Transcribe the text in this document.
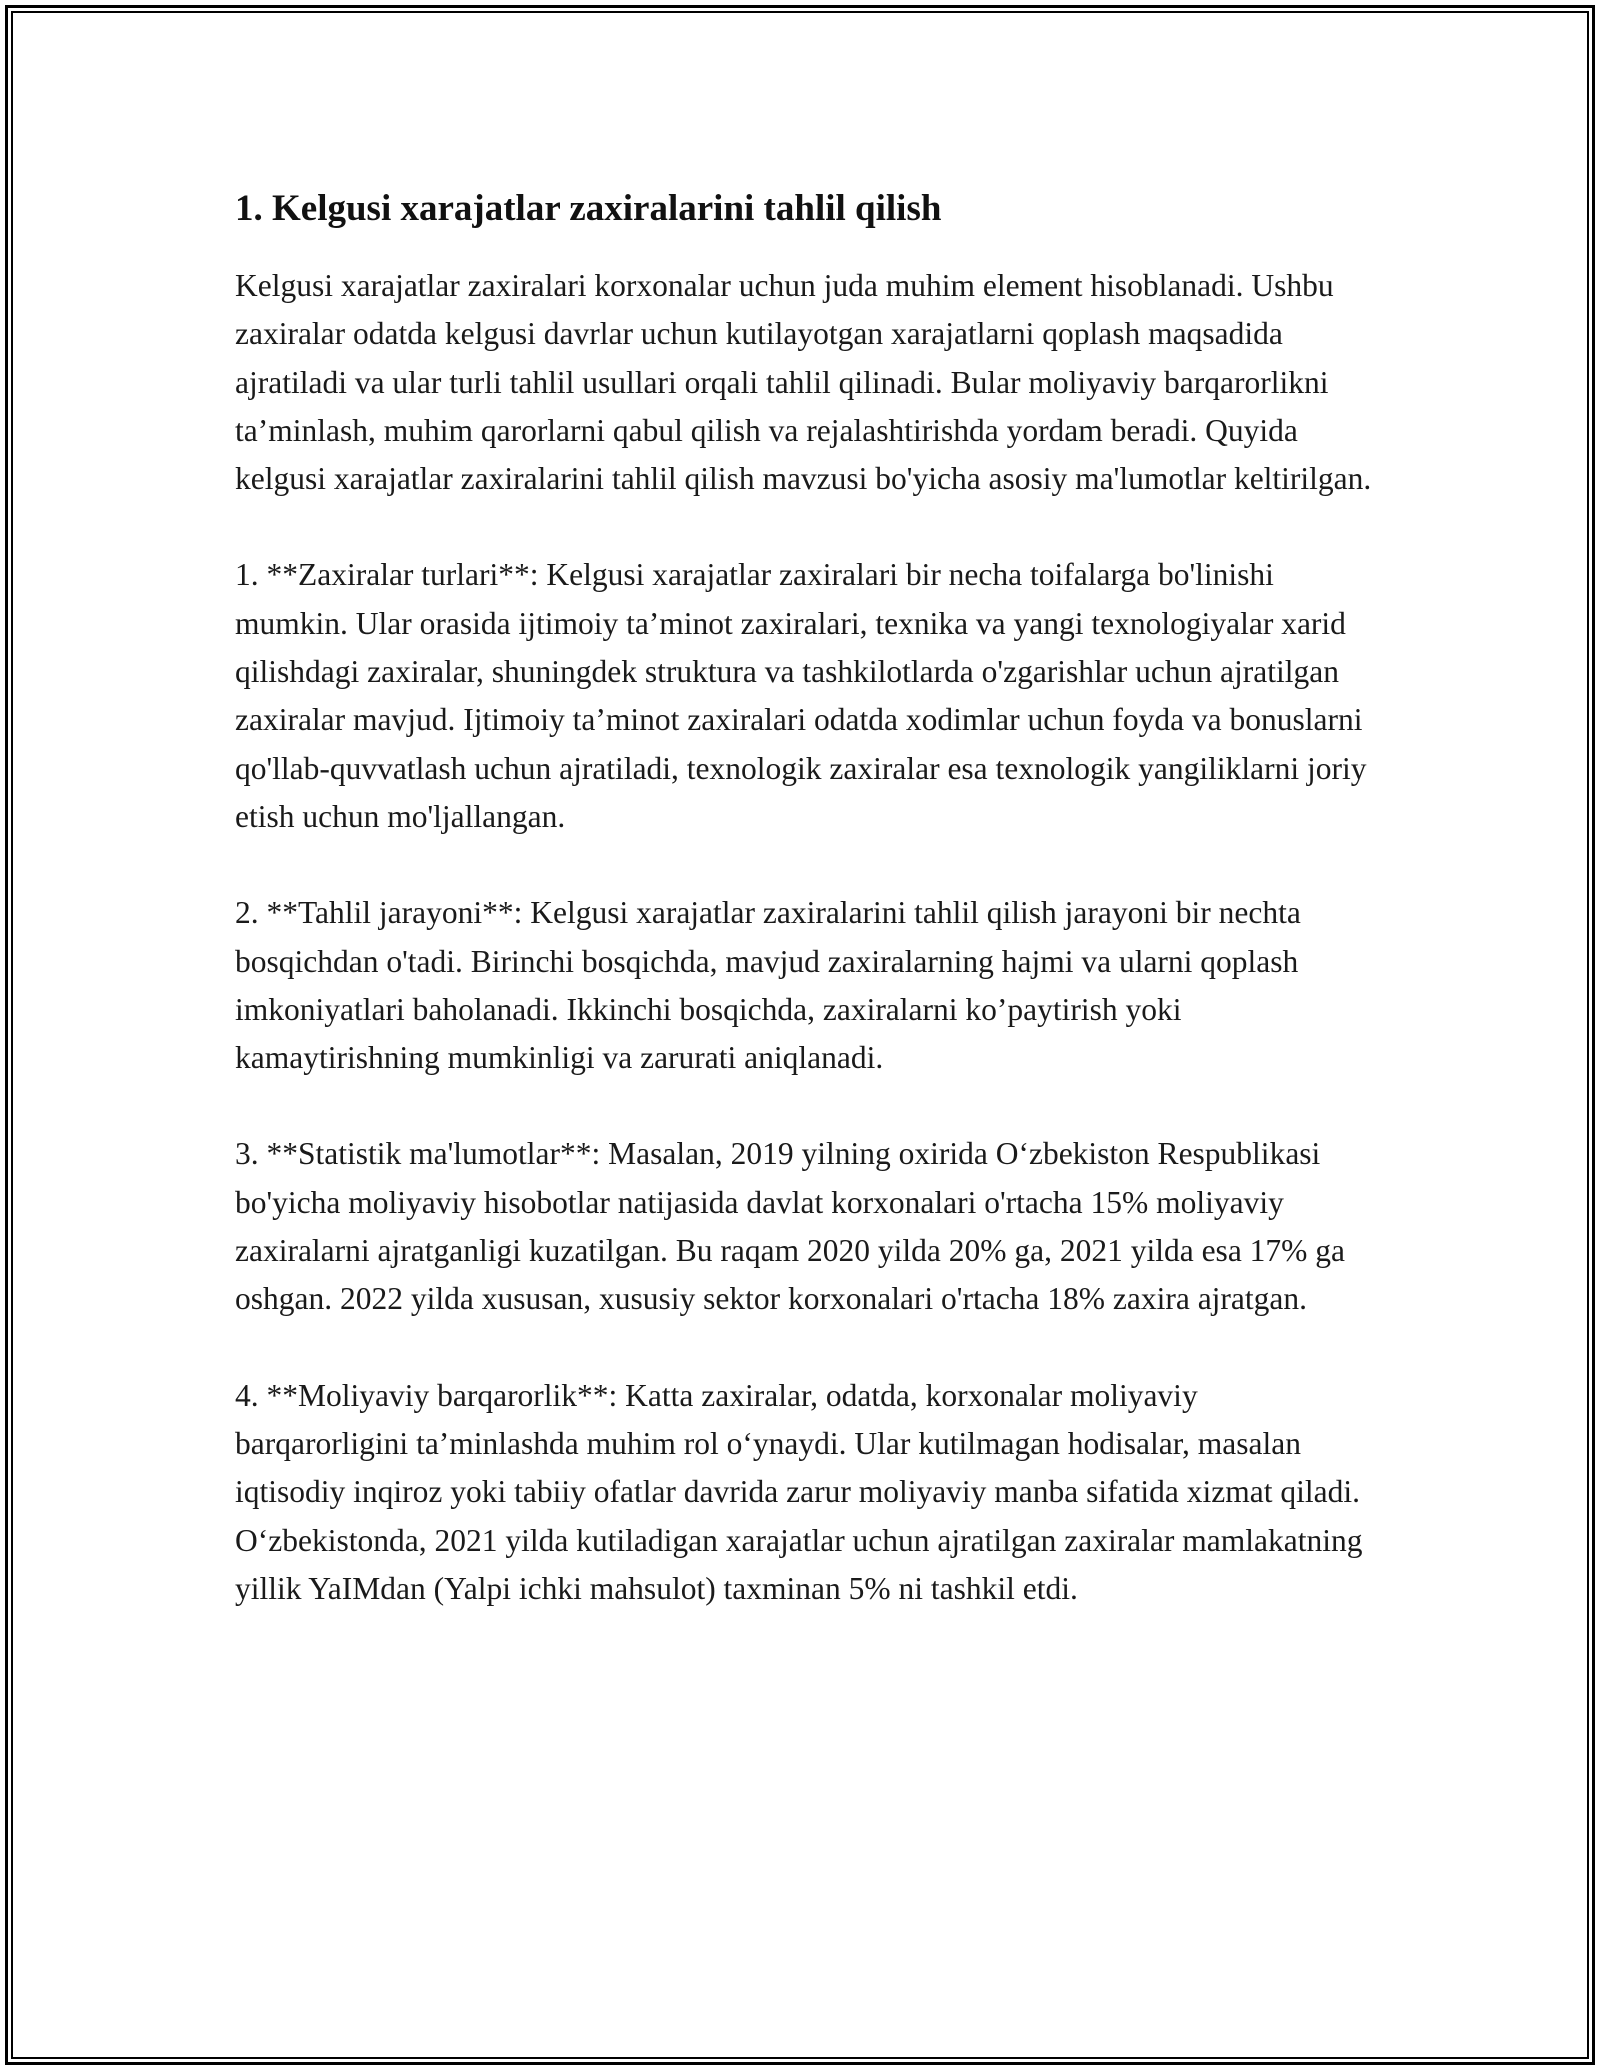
1. Kelgusi xarajatlar zaxiralarini tahlil qilish

Kelgusi xarajatlar zaxiralari korxonalar uchun juda muhim element hisoblanadi. Ushbu zaxiralar odatda kelgusi davrlar uchun kutilayotgan xarajatlarni qoplash maqsadida ajratiladi va ular turli tahlil usullari orqali tahlil qilinadi. Bular moliyaviy barqarorlikni ta’minlash, muhim qarorlarni qabul qilish va rejalashtirishda yordam beradi. Quyida kelgusi xarajatlar zaxiralarini tahlil qilish mavzusi bo'yicha asosiy ma'lumotlar keltirilgan.

1. **Zaxiralar turlari**: Kelgusi xarajatlar zaxiralari bir necha toifalarga bo'linishi mumkin. Ular orasida ijtimoiy ta’minot zaxiralari, texnika va yangi texnologiyalar xarid qilishdagi zaxiralar, shuningdek struktura va tashkilotlarda o'zgarishlar uchun ajratilgan zaxiralar mavjud. Ijtimoiy ta’minot zaxiralari odatda xodimlar uchun foyda va bonuslarni qo'llab-quvvatlash uchun ajratiladi, texnologik zaxiralar esa texnologik yangiliklarni joriy etish uchun mo'ljallangan.

2. **Tahlil jarayoni**: Kelgusi xarajatlar zaxiralarini tahlil qilish jarayoni bir nechta bosqichdan o'tadi. Birinchi bosqichda, mavjud zaxiralarning hajmi va ularni qoplash imkoniyatlari baholanadi. Ikkinchi bosqichda, zaxiralarni ko’paytirish yoki kamaytirishning mumkinligi va zarurati aniqlanadi.

3. **Statistik ma'lumotlar**: Masalan, 2019 yilning oxirida O‘zbekiston Respublikasi bo'yicha moliyaviy hisobotlar natijasida davlat korxonalari o'rtacha 15% moliyaviy zaxiralarni ajratganligi kuzatilgan. Bu raqam 2020 yilda 20% ga, 2021 yilda esa 17% ga oshgan. 2022 yilda xususan, xususiy sektor korxonalari o'rtacha 18% zaxira ajratgan.

4. **Moliyaviy barqarorlik**: Katta zaxiralar, odatda, korxonalar moliyaviy barqarorligini ta’minlashda muhim rol o‘ynaydi. Ular kutilmagan hodisalar, masalan iqtisodiy inqiroz yoki tabiiy ofatlar davrida zarur moliyaviy manba sifatida xizmat qiladi. O‘zbekistonda, 2021 yilda kutiladigan xarajatlar uchun ajratilgan zaxiralar mamlakatning yillik YaIMdan (Yalpi ichki mahsulot) taxminan 5% ni tashkil etdi.
